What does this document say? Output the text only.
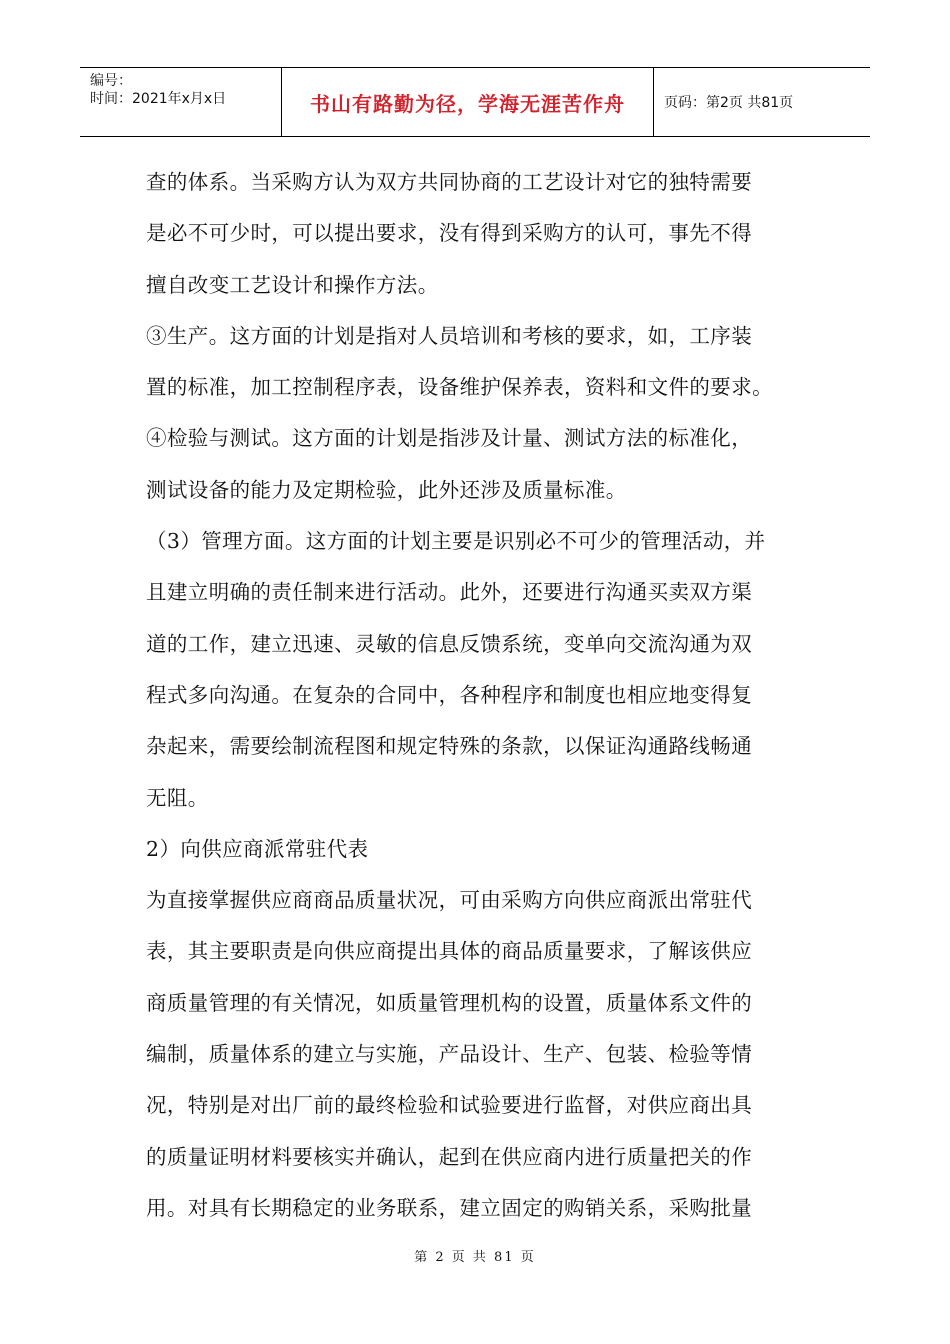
编号：
时间：2021年x月x日	书山有路勤为径，学海无涯苦作舟	页码：第2页 共81页

查的体系。当采购方认为双方共同协商的工艺设计对它的独特需要

是必不可少时，可以提出要求，没有得到采购方的认可，事先不得

擅自改变工艺设计和操作方法。

③生产。这方面的计划是指对人员培训和考核的要求，如，工序装

置的标准，加工控制程序表，设备维护保养表，资料和文件的要求。

④检验与测试。这方面的计划是指涉及计量、测试方法的标准化，

测试设备的能力及定期检验，此外还涉及质量标准。

（3）管理方面。这方面的计划主要是识别必不可少的管理活动，并

且建立明确的责任制来进行活动。此外，还要进行沟通买卖双方渠

道的工作，建立迅速、灵敏的信息反馈系统，变单向交流沟通为双

程式多向沟通。在复杂的合同中，各种程序和制度也相应地变得复

杂起来，需要绘制流程图和规定特殊的条款，以保证沟通路线畅通

无阻。

2）向供应商派常驻代表

为直接掌握供应商商品质量状况，可由采购方向供应商派出常驻代

表，其主要职责是向供应商提出具体的商品质量要求，了解该供应

商质量管理的有关情况，如质量管理机构的设置，质量体系文件的

编制，质量体系的建立与实施，产品设计、生产、包装、检验等情

况，特别是对出厂前的最终检验和试验要进行监督，对供应商出具

的质量证明材料要核实并确认，起到在供应商内进行质量把关的作

用。对具有长期稳定的业务联系，建立固定的购销关系，采购批量

第 2 页 共 81 页
